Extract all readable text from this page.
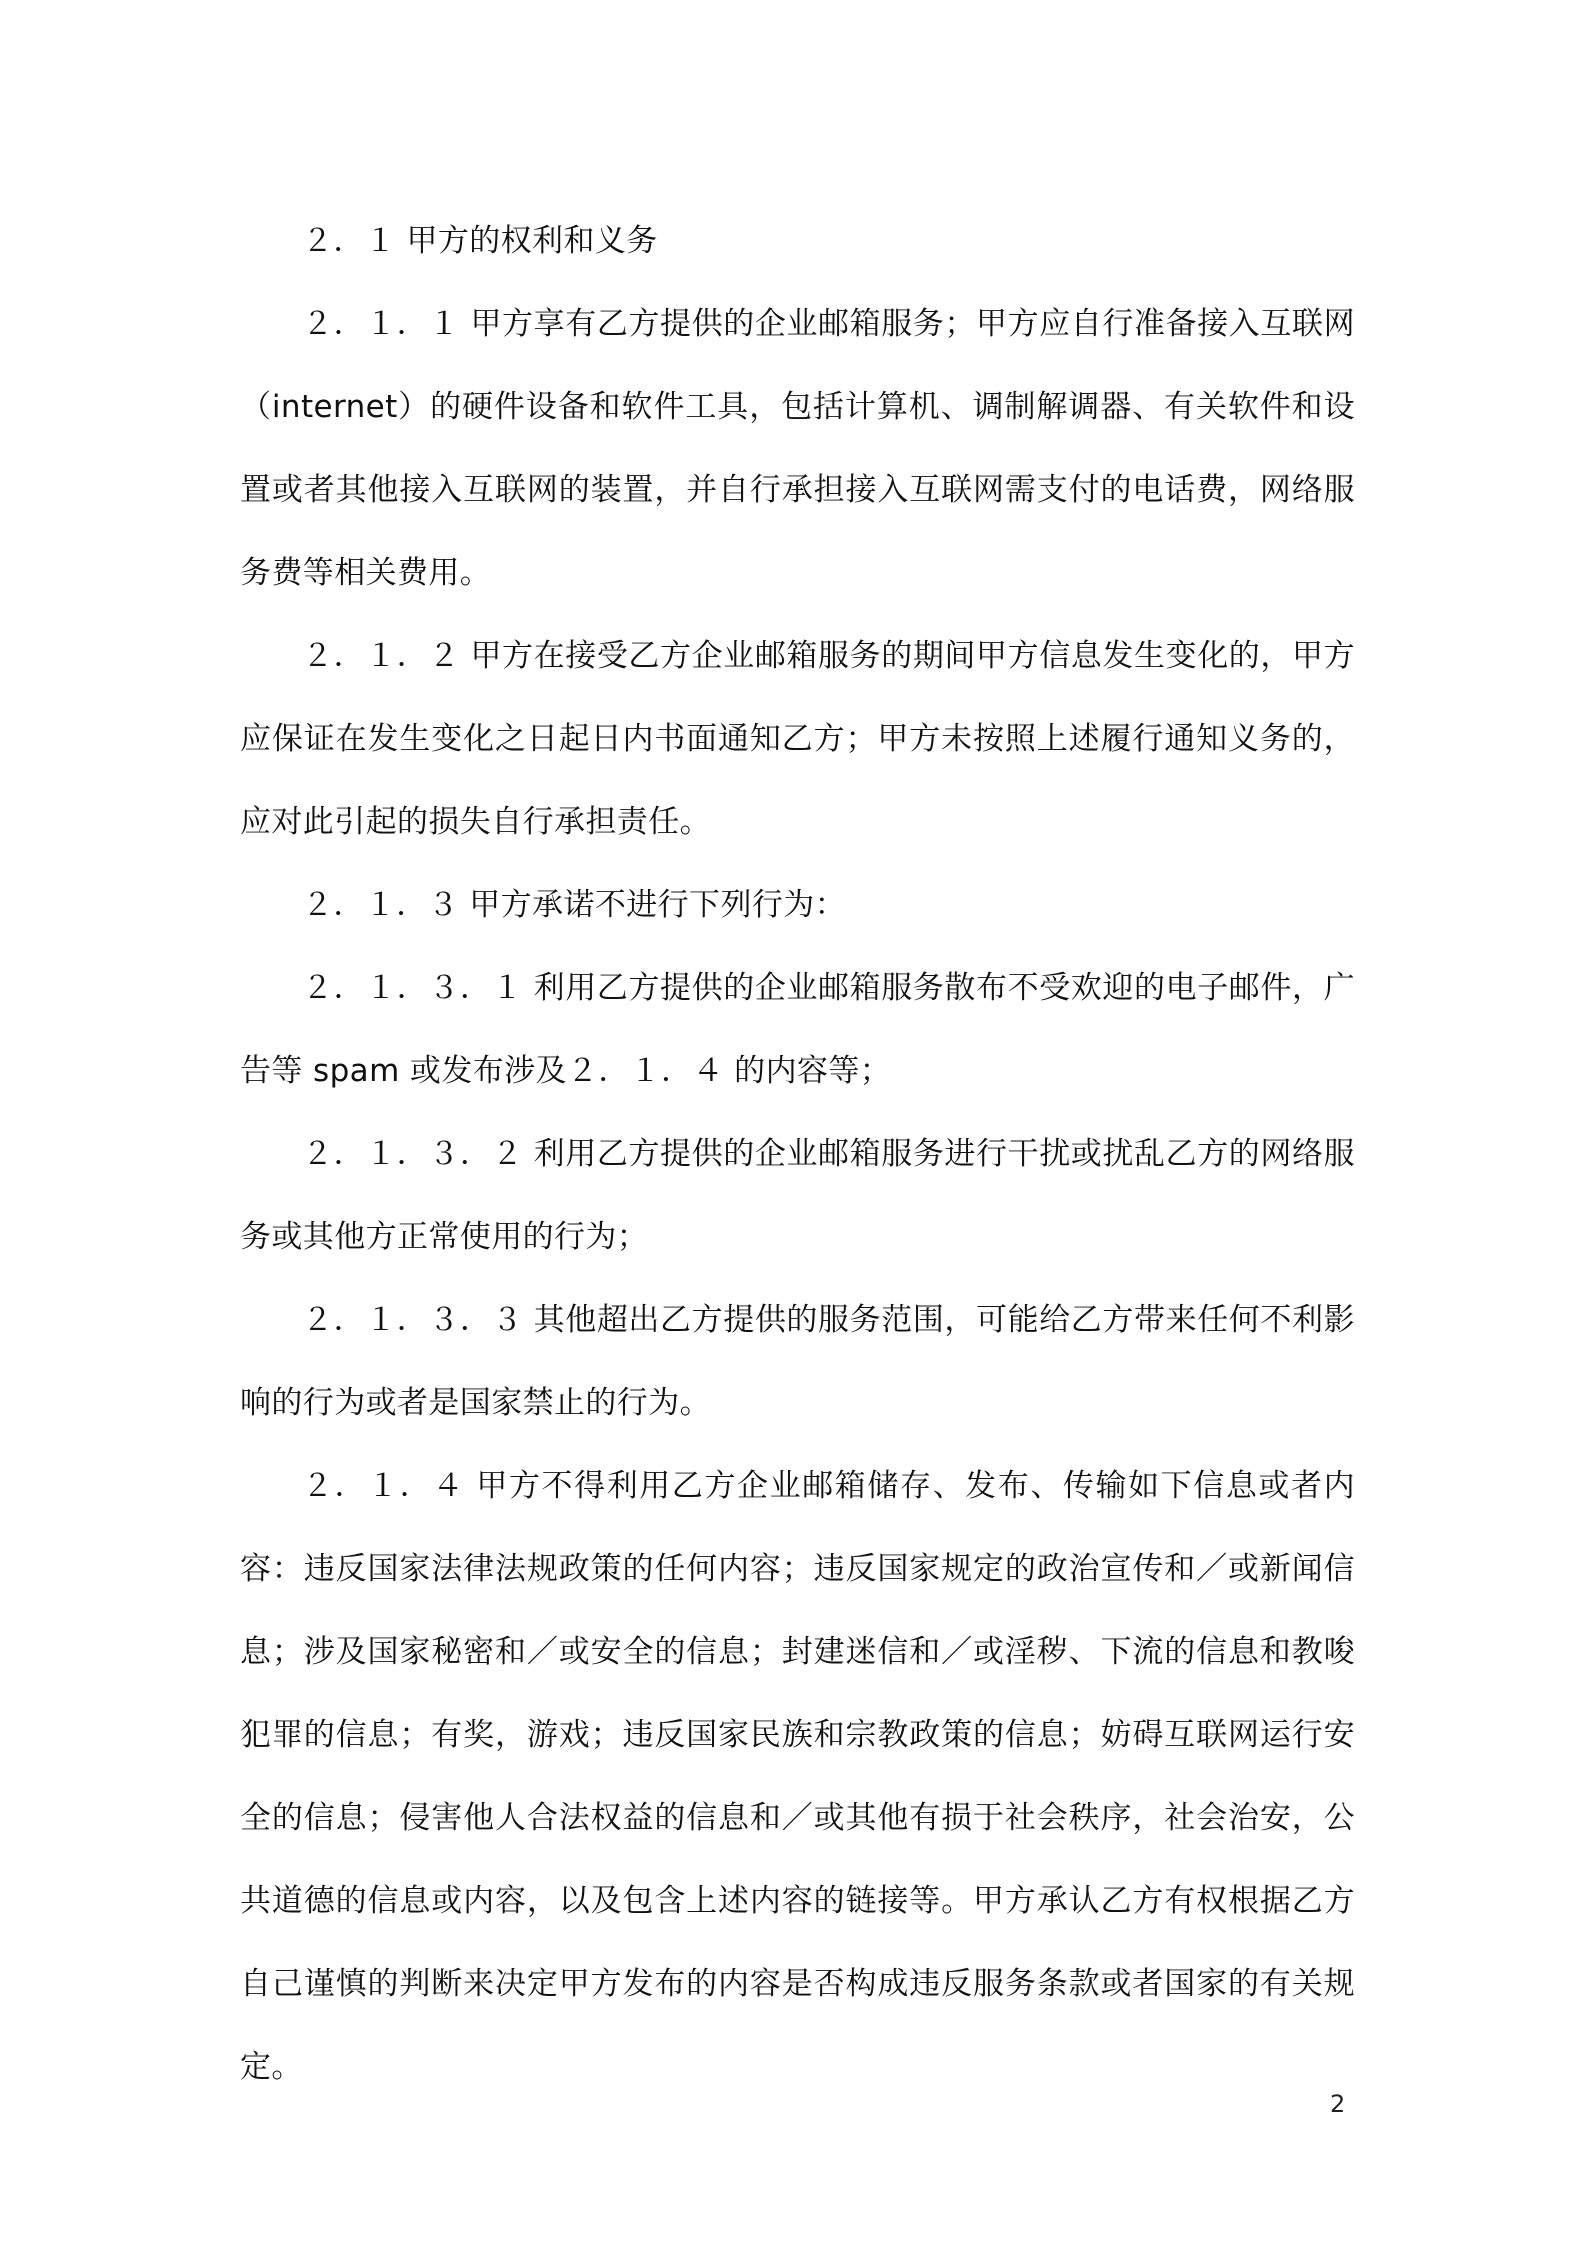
２．１ 甲方的权利和义务

２．１．１ 甲方享有乙方提供的企业邮箱服务；甲方应自行准备接入互联网（internet）的硬件设备和软件工具，包括计算机、调制解调器、有关软件和设置或者其他接入互联网的装置，并自行承担接入互联网需支付的电话费，网络服务费等相关费用。

２．１．２ 甲方在接受乙方企业邮箱服务的期间甲方信息发生变化的，甲方应保证在发生变化之日起日内书面通知乙方；甲方未按照上述履行通知义务的，应对此引起的损失自行承担责任。

２．１．３ 甲方承诺不进行下列行为：

２．１．３．１ 利用乙方提供的企业邮箱服务散布不受欢迎的电子邮件，广告等 spam 或发布涉及２．１．４ 的内容等；

２．１．３．２ 利用乙方提供的企业邮箱服务进行干扰或扰乱乙方的网络服务或其他方正常使用的行为；

２．１．３．３ 其他超出乙方提供的服务范围，可能给乙方带来任何不利影响的行为或者是国家禁止的行为。

２．１．４ 甲方不得利用乙方企业邮箱储存、发布、传输如下信息或者内容：违反国家法律法规政策的任何内容；违反国家规定的政治宣传和／或新闻信息；涉及国家秘密和／或安全的信息；封建迷信和／或淫秽、下流的信息和教唆犯罪的信息；有奖，游戏；违反国家民族和宗教政策的信息；妨碍互联网运行安全的信息；侵害他人合法权益的信息和／或其他有损于社会秩序，社会治安，公共道德的信息或内容，以及包含上述内容的链接等。甲方承认乙方有权根据乙方自己谨慎的判断来决定甲方发布的内容是否构成违反服务条款或者国家的有关规定。

2
